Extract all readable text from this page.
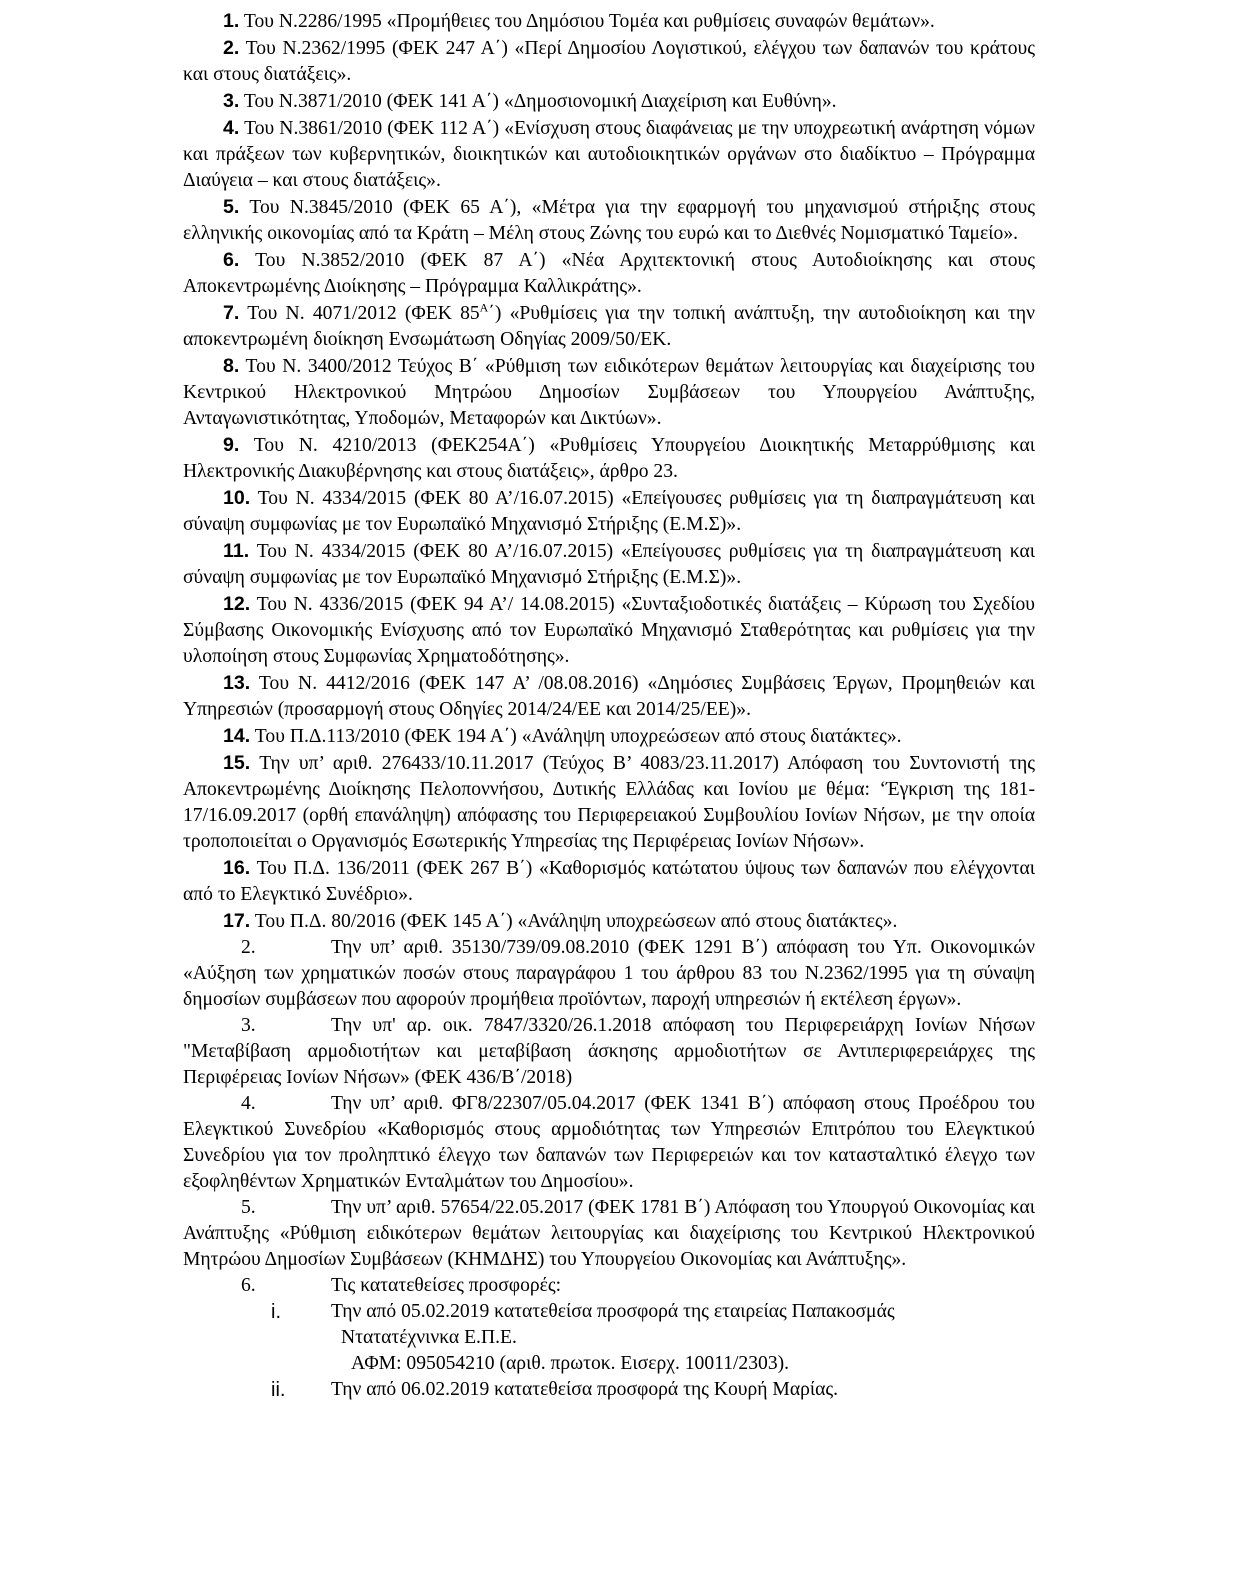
1. Του Ν.2286/1995 «Προμήθειες του Δημόσιου Τομέα και ρυθμίσεις συναφών θεμάτων».

2. Του Ν.2362/1995 (ΦΕΚ 247 Α΄) «Περί Δημοσίου Λογιστικού, ελέγχου των δαπανών του κράτους και στους διατάξεις».

3. Του Ν.3871/2010 (ΦΕΚ 141 Α΄) «Δημοσιονομική Διαχείριση και Ευθύνη».

4. Του Ν.3861/2010 (ΦΕΚ 112 Α΄) «Ενίσχυση στους διαφάνειας με την υποχρεωτική ανάρτηση νόμων και πράξεων των κυβερνητικών, διοικητικών και αυτοδιοικητικών οργάνων στο διαδίκτυο – Πρόγραμμα Διαύγεια – και στους διατάξεις».

5. Του Ν.3845/2010 (ΦΕΚ 65 Α΄), «Μέτρα για την εφαρμογή του μηχανισμού στήριξης στους ελληνικής οικονομίας από τα Κράτη – Μέλη στους Ζώνης του ευρώ και το Διεθνές Νομισματικό Ταμείο».

6. Του Ν.3852/2010 (ΦΕΚ 87 Α΄) «Νέα Αρχιτεκτονική στους Αυτοδιοίκησης και στους Αποκεντρωμένης Διοίκησης – Πρόγραμμα Καλλικράτης».

7. Του Ν. 4071/2012 (ΦΕΚ $85^A΄$) «Ρυθμίσεις για την τοπική ανάπτυξη, την αυτοδιοίκηση και την αποκεντρωμένη διοίκηση Ενσωμάτωση Οδηγίας 2009/50/ΕΚ.

8. Του Ν. 3400/2012 Τεύχος Β΄ «Ρύθμιση των ειδικότερων θεμάτων λειτουργίας και διαχείρισης του Κεντρικού Ηλεκτρονικού Μητρώου Δημοσίων Συμβάσεων του Υπουργείου Ανάπτυξης, Ανταγωνιστικότητας, Υποδομών, Μεταφορών και Δικτύων».

9. Του Ν. 4210/2013 (ΦΕΚ254Α΄) «Ρυθμίσεις Υπουργείου Διοικητικής Μεταρρύθμισης και Ηλεκτρονικής Διακυβέρνησης και στους διατάξεις», άρθρο 23.

10. Του Ν. 4334/2015 (ΦΕΚ 80 Α’/16.07.2015) «Επείγουσες ρυθμίσεις για τη διαπραγμάτευση και σύναψη συμφωνίας με τον Ευρωπαϊκό Μηχανισμό Στήριξης (Ε.Μ.Σ)».

11. Του Ν. 4334/2015 (ΦΕΚ 80 Α’/16.07.2015) «Επείγουσες ρυθμίσεις για τη διαπραγμάτευση και σύναψη συμφωνίας με τον Ευρωπαϊκό Μηχανισμό Στήριξης (Ε.Μ.Σ)».

12. Του Ν. 4336/2015 (ΦΕΚ 94 Α’/ 14.08.2015) «Συνταξιοδοτικές διατάξεις – Κύρωση του Σχεδίου Σύμβασης Οικονομικής Ενίσχυσης από τον Ευρωπαϊκό Μηχανισμό Σταθερότητας και ρυθμίσεις για την υλοποίηση στους Συμφωνίας Χρηματοδότησης».

13. Του Ν. 4412/2016 (ΦΕΚ 147 Α’ /08.08.2016) «Δημόσιες Συμβάσεις Έργων, Προμηθειών και Υπηρεσιών (προσαρμογή στους Οδηγίες 2014/24/ΕΕ και 2014/25/ΕΕ)».

14. Του Π.Δ.113/2010 (ΦΕΚ 194 Α΄) «Ανάληψη υποχρεώσεων από στους διατάκτες».

15. Την υπ’ αριθ. 276433/10.11.2017 (Τεύχος Β’ 4083/23.11.2017) Απόφαση του Συντονιστή της Αποκεντρωμένης Διοίκησης Πελοποννήσου, Δυτικής Ελλάδας και Ιονίου με θέμα: ‘Έγκριση της 181-17/16.09.2017 (ορθή επανάληψη) απόφασης του Περιφερειακού Συμβουλίου Ιονίων Νήσων, με την οποία τροποποιείται ο Οργανισμός Εσωτερικής Υπηρεσίας της Περιφέρειας Ιονίων Νήσων».

16. Του Π.Δ. 136/2011 (ΦΕΚ 267 Β΄) «Καθορισμός κατώτατου ύψους των δαπανών που ελέγχονται από το Ελεγκτικό Συνέδριο».

17. Του Π.Δ. 80/2016 (ΦΕΚ 145 Α΄) «Ανάληψη υποχρεώσεων από στους διατάκτες».

2.	Την υπ’ αριθ. 35130/739/09.08.2010 (ΦΕΚ 1291 Β΄) απόφαση του Υπ. Οικονομικών «Αύξηση των χρηματικών ποσών στους παραγράφου 1 του άρθρου 83 του Ν.2362/1995 για τη σύναψη δημοσίων συμβάσεων που αφορούν προμήθεια προϊόντων, παροχή υπηρεσιών ή εκτέλεση έργων».

3.	Την υπ' αρ. οικ. 7847/3320/26.1.2018 απόφαση του Περιφερειάρχη Ιονίων Νήσων "Μεταβίβαση αρμοδιοτήτων και μεταβίβαση άσκησης αρμοδιοτήτων σε Αντιπεριφερειάρχες της Περιφέρειας Ιονίων Νήσων» (ΦΕΚ 436/Β΄/2018)

4.	Την υπ’ αριθ. ΦΓ8/22307/05.04.2017 (ΦΕΚ 1341 Β΄) απόφαση στους Προέδρου του Ελεγκτικού Συνεδρίου «Καθορισμός στους αρμοδιότητας των Υπηρεσιών Επιτρόπου του Ελεγκτικού Συνεδρίου για τον προληπτικό έλεγχο των δαπανών των Περιφερειών και τον κατασταλτικό έλεγχο των εξοφληθέντων Χρηματικών Ενταλμάτων του Δημοσίου».

5.	Την υπ’ αριθ. 57654/22.05.2017 (ΦΕΚ 1781 Β΄) Απόφαση του Υπουργού Οικονομίας και Ανάπτυξης «Ρύθμιση ειδικότερων θεμάτων λειτουργίας και διαχείρισης του Κεντρικού Ηλεκτρονικού Μητρώου Δημοσίων Συμβάσεων (ΚΗΜΔΗΣ) του Υπουργείου Οικονομίας και Ανάπτυξης».

6.	Τις κατατεθείσες προσφορές:

i.	Την από 05.02.2019 κατατεθείσα προσφορά της εταιρείας Παπακοσμάς
Ντατατέχνινκα Ε.Π.Ε.
ΑΦΜ: 095054210 (αριθ. πρωτοκ. Εισερχ. 10011/2303).
ii. Την από 06.02.2019 κατατεθείσα προσφορά της Κουρή Μαρίας.
